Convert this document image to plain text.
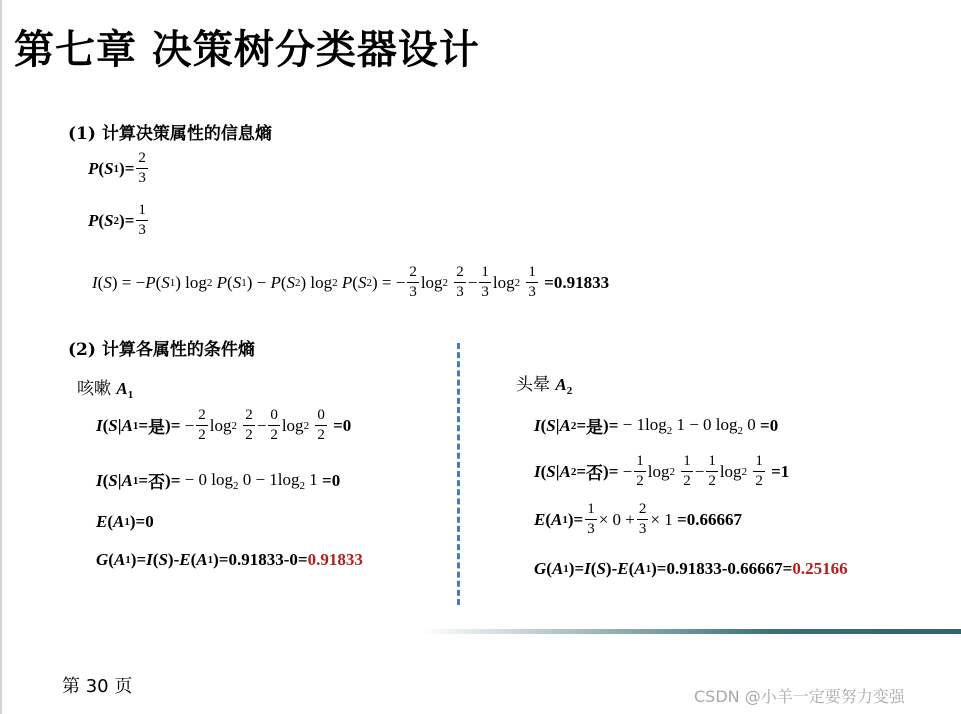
第七章 决策树分类器设计
(1) 计算决策属性的信息熵
P ( S 1 )= $\frac{2}{3}$
P ( S 2 )= $\frac{1}{3}$
I ( S ) = − P ( S 1 ) log 2
P ( S 1 ) − P ( S 2 ) log 2
P ( S 2 ) = − $\frac{2}{3}$ log 2
$\frac{2}{3} - \frac{1}{3}$ log 2
$\frac{1}{3}$
=0.91833
(2) 计算各属性的条件熵
咳嗽 $A_1$
I ( S | A 1 = 是 )= − $\frac{2}{2}$ log 2
$\frac{2}{2} - \frac{0}{2}$ log 2
$\frac{0}{2} = 0$
I ( S | A 1 = 否 )= − 0 $\log_2 0 - 1\log_2$ 1 = 0
E ( A 1 )= 0
G ( A 1 )= I ( S )- E ( A 1 )= 0.91833-0 = 0.91833
头晕 $A_2$
I ( S | A 2 = 是 )= − $1\log_2$ 1 − 0 $\log_2 0 = 0$
I ( S | A 2 = 否 )= − $\frac{1}{2}$ log 2
$\frac{1}{2} - \frac{1}{2}$ log 2
$\frac{1}{2} = 1$
E ( A 1 )= $\frac{1}{3} \times 0 + \frac{2}{3} \times 1 = 0.66667$
G ( A 1 )= I ( S )- E ( A 1 )= 0.91833-0.66667 = 0.25166
第 30 页	CSDN @小羊一定要努力变强
